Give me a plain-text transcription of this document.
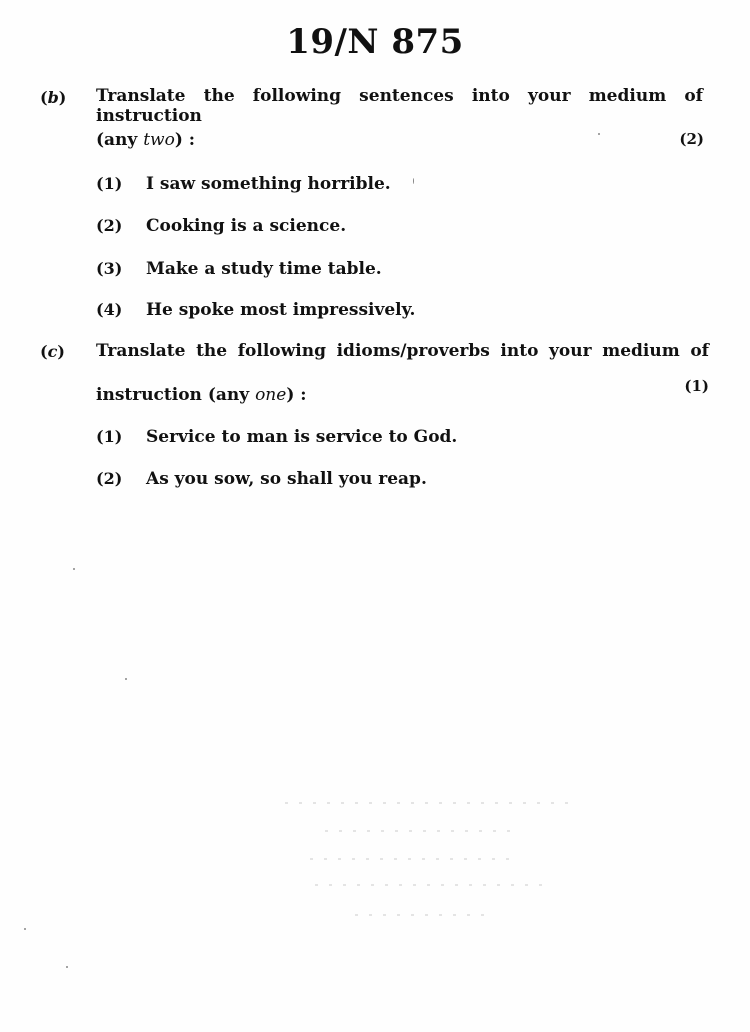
19/N 875
(b) Translate the following sentences into your medium of instruction
(any two) :	(2)
(1) I saw something horrible.
(2) Cooking is a science.
(3) Make a study time table.
(4) He spoke most impressively.
(c) Translate the following idioms/proverbs into your medium of
instruction (any one) :	(1)
(1) Service to man is service to God.
(2) As you sow, so shall you reap.
